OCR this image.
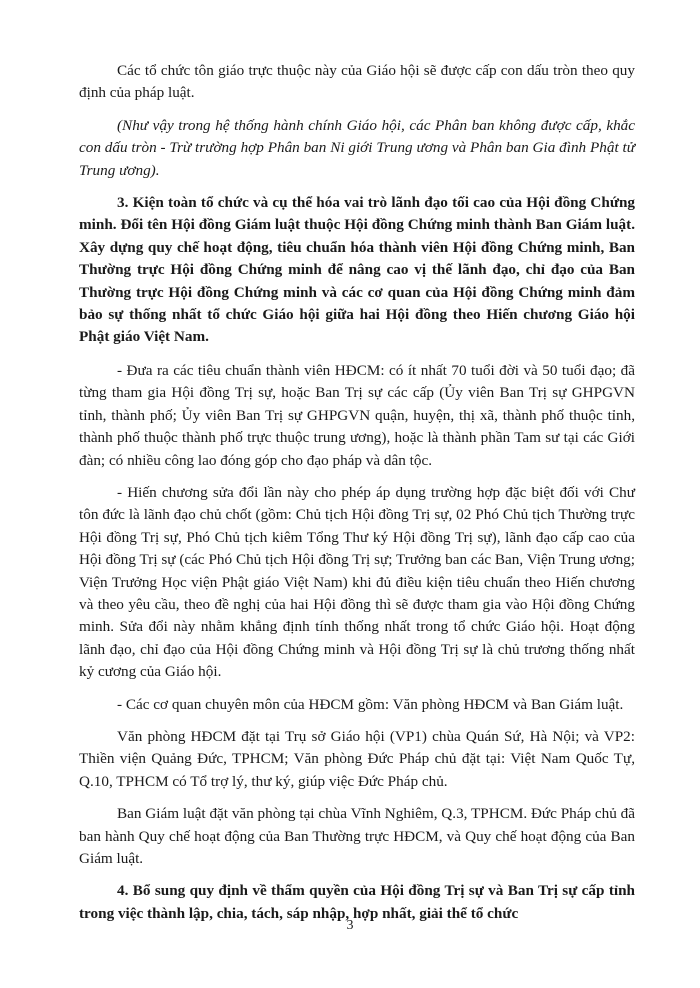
Các tổ chức tôn giáo trực thuộc này của Giáo hội sẽ được cấp con dấu tròn theo quy định của pháp luật.

(Như vậy trong hệ thống hành chính Giáo hội, các Phân ban không được cấp, khắc con dấu tròn - Trừ trường hợp Phân ban Ni giới Trung ương và Phân ban Gia đình Phật tử Trung ương).

3. Kiện toàn tổ chức và cụ thể hóa vai trò lãnh đạo tối cao của Hội đồng Chứng minh. Đổi tên Hội đồng Giám luật thuộc Hội đồng Chứng minh thành Ban Giám luật. Xây dựng quy chế hoạt động, tiêu chuẩn hóa thành viên Hội đồng Chứng minh, Ban Thường trực Hội đồng Chứng minh để nâng cao vị thế lãnh đạo, chỉ đạo của Ban Thường trực Hội đồng Chứng minh và các cơ quan của Hội đồng Chứng minh đảm bảo sự thống nhất tổ chức Giáo hội giữa hai Hội đồng theo Hiến chương Giáo hội Phật giáo Việt Nam.

- Đưa ra các tiêu chuẩn thành viên HĐCM: có ít nhất 70 tuổi đời và 50 tuổi đạo; đã từng tham gia Hội đồng Trị sự, hoặc Ban Trị sự các cấp (Ủy viên Ban Trị sự GHPGVN tỉnh, thành phố; Ủy viên Ban Trị sự GHPGVN quận, huyện, thị xã, thành phố thuộc tỉnh, thành phố thuộc thành phố trực thuộc trung ương), hoặc là thành phần Tam sư tại các Giới đàn; có nhiều công lao đóng góp cho đạo pháp và dân tộc.

- Hiến chương sửa đổi lần này cho phép áp dụng trường hợp đặc biệt đối với Chư tôn đức là lãnh đạo chủ chốt (gồm: Chủ tịch Hội đồng Trị sự, 02 Phó Chủ tịch Thường trực Hội đồng Trị sự, Phó Chủ tịch kiêm Tổng Thư ký Hội đồng Trị sự), lãnh đạo cấp cao của Hội đồng Trị sự (các Phó Chủ tịch Hội đồng Trị sự; Trưởng ban các Ban, Viện Trung ương; Viện Trưởng Học viện Phật giáo Việt Nam) khi đủ điều kiện tiêu chuẩn theo Hiến chương và theo yêu cầu, theo đề nghị của hai Hội đồng thì sẽ được tham gia vào Hội đồng Chứng minh. Sửa đổi này nhằm khẳng định tính thống nhất trong tổ chức Giáo hội. Hoạt động lãnh đạo, chỉ đạo của Hội đồng Chứng minh và Hội đồng Trị sự là chủ trương thống nhất kỷ cương của Giáo hội.

- Các cơ quan chuyên môn của HĐCM gồm: Văn phòng HĐCM và Ban Giám luật.

Văn phòng HĐCM đặt tại Trụ sở Giáo hội (VP1) chùa Quán Sứ, Hà Nội; và VP2: Thiền viện Quảng Đức, TPHCM; Văn phòng Đức Pháp chủ đặt tại: Việt Nam Quốc Tự, Q.10, TPHCM có Tổ trợ lý, thư ký, giúp việc Đức Pháp chủ.

Ban Giám luật đặt văn phòng tại chùa Vĩnh Nghiêm, Q.3, TPHCM. Đức Pháp chủ đã ban hành Quy chế hoạt động của Ban Thường trực HĐCM, và Quy chế hoạt động của Ban Giám luật.

4. Bổ sung quy định về thẩm quyền của Hội đồng Trị sự và Ban Trị sự cấp tỉnh trong việc thành lập, chia, tách, sáp nhập, hợp nhất, giải thể tổ chức

3
